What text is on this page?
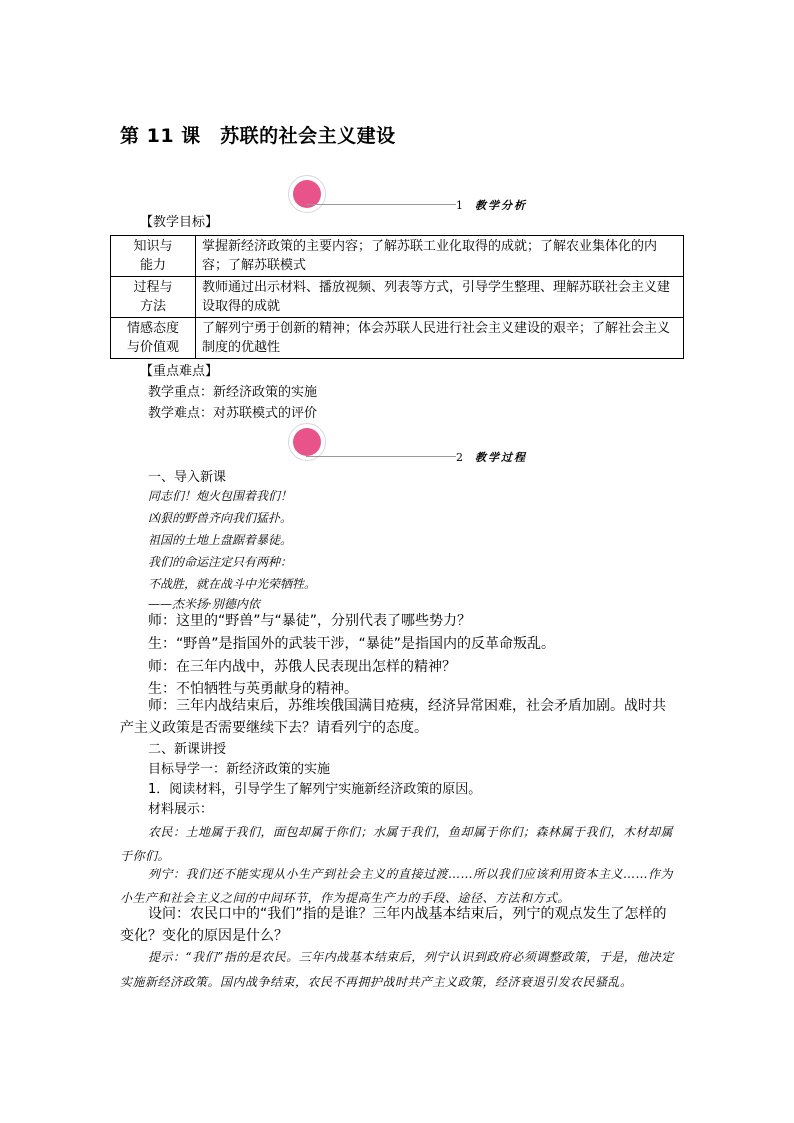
第 11 课　苏联的社会主义建设
1 教学分析
【教学目标】
知识与
能力	掌握新经济政策的主要内容；了解苏联工业化取得的成就；了解农业集体化的内容；了解苏联模式
过程与
方法	教师通过出示材料、播放视频、列表等方式，引导学生整理、理解苏联社会主义建设取得的成就
情感态度
与价值观	了解列宁勇于创新的精神；体会苏联人民进行社会主义建设的艰辛；了解社会主义制度的优越性
【重点难点】
教学重点：新经济政策的实施
教学难点：对苏联模式的评价
2 教学过程
一、导入新课
同志们！炮火包围着我们！
凶狠的野兽齐向我们猛扑。
祖国的土地上盘踞着暴徒。
我们的命运注定只有两种：
不战胜，就在战斗中光荣牺牲。
——杰米扬·别德内依
师：这里的“野兽”与“暴徒”，分别代表了哪些势力？
生：“野兽”是指国外的武装干涉，“暴徒”是指国内的反革命叛乱。
师：在三年内战中，苏俄人民表现出怎样的精神？
生：不怕牺牲与英勇献身的精神。
师：三年内战结束后，苏维埃俄国满目疮痍，经济异常困难，社会矛盾加剧。战时共产主义政策是否需要继续下去？请看列宁的态度。
二、新课讲授
目标导学一：新经济政策的实施
1．阅读材料，引导学生了解列宁实施新经济政策的原因。
材料展示：
农民：土地属于我们，面包却属于你们；水属于我们，鱼却属于你们；森林属于我们，木材却属于你们。
列宁：我们还不能实现从小生产到社会主义的直接过渡……所以我们应该利用资本主义……作为小生产和社会主义之间的中间环节，作为提高生产力的手段、途径、方法和方式。
设问：农民口中的“我们”指的是谁？三年内战基本结束后，列宁的观点发生了怎样的变化？变化的原因是什么？
提示：“我们”指的是农民。三年内战基本结束后，列宁认识到政府必须调整政策，于是，他决定实施新经济政策。国内战争结束，农民不再拥护战时共产主义政策，经济衰退引发农民骚乱。
